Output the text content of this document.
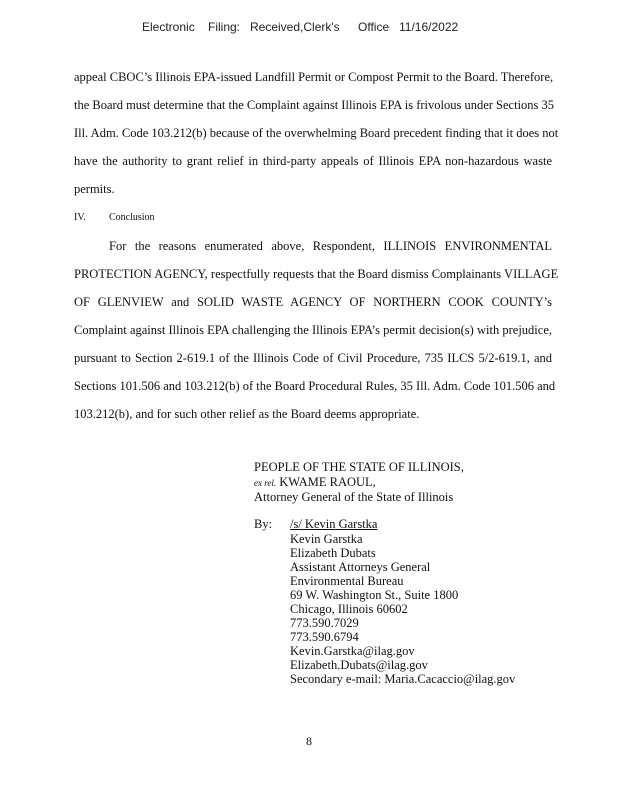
Electronic Filing: Received,Clerk's Office 11/16/2022
appeal CBOC’s Illinois EPA-issued Landfill Permit or Compost Permit to the Board. Therefore,
the Board must determine that the Complaint against Illinois EPA is frivolous under Sections 35
Ill. Adm. Code 103.212(b) because of the overwhelming Board precedent finding that it does not
have the authority to grant relief in third-party appeals of Illinois EPA non-hazardous waste
permits.
IV. Conclusion
For the reasons enumerated above, Respondent, ILLINOIS ENVIRONMENTAL
PROTECTION AGENCY, respectfully requests that the Board dismiss Complainants VILLAGE
OF GLENVIEW and SOLID WASTE AGENCY OF NORTHERN COOK COUNTY’s
Complaint against Illinois EPA challenging the Illinois EPA’s permit decision(s) with prejudice,
pursuant to Section 2-619.1 of the Illinois Code of Civil Procedure, 735 ILCS 5/2-619.1, and
Sections 101.506 and 103.212(b) of the Board Procedural Rules, 35 Ill. Adm. Code 101.506 and
103.212(b), and for such other relief as the Board deems appropriate.
PEOPLE OF THE STATE OF ILLINOIS,
ex rel. KWAME RAOUL,
Attorney General of the State of Illinois
By: /s/ Kevin Garstka
Kevin Garstka
Elizabeth Dubats
Assistant Attorneys General
Environmental Bureau
69 W. Washington St., Suite 1800
Chicago, Illinois 60602
773.590.7029
773.590.6794
Kevin.Garstka@ilag.gov
Elizabeth.Dubats@ilag.gov
Secondary e-mail: Maria.Cacaccio@ilag.gov
8
